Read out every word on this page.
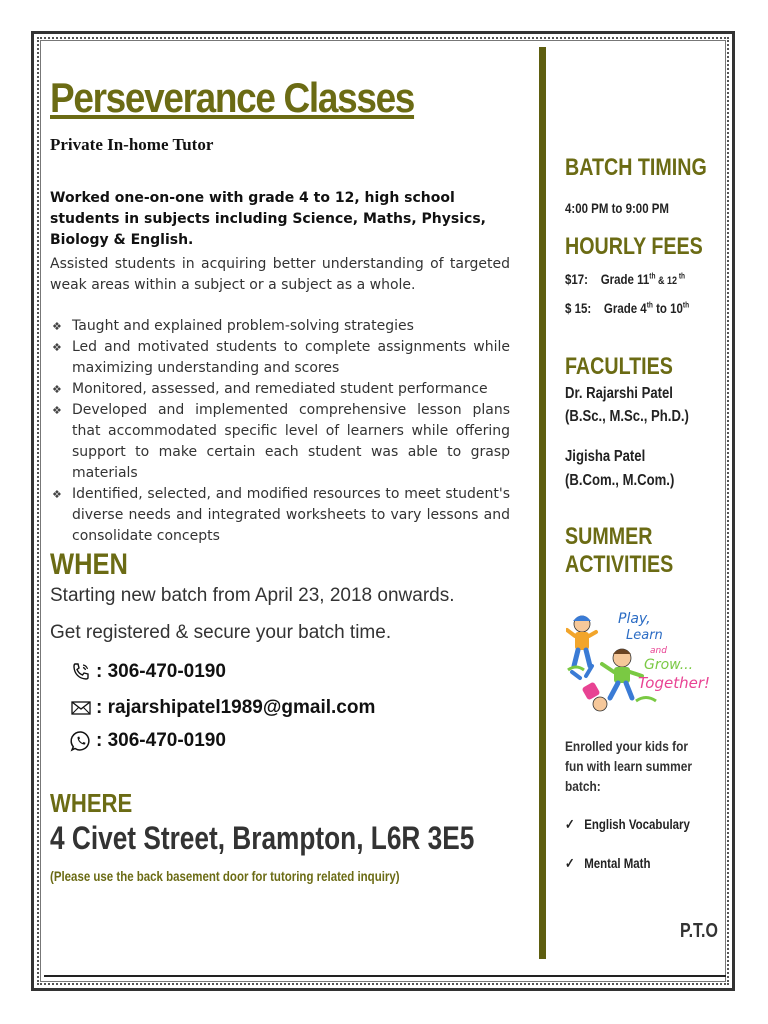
Perseverance Classes
Private In-home Tutor
Worked one-on-one with grade 4 to 12, high school students in subjects including Science, Maths, Physics, Biology & English.
Assisted students in acquiring better understanding of targeted weak areas within a subject or a subject as a whole.
❖ Taught and explained problem-solving strategies
❖ Led and motivated students to complete assignments while maximizing understanding and scores
❖ Monitored, assessed, and remediated student performance
❖ Developed and implemented comprehensive lesson plans that accommodated specific level of learners while offering support to make certain each student was able to grasp materials
❖ Identified, selected, and modified resources to meet student's diverse needs and integrated worksheets to vary lessons and consolidate concepts
WHEN
Starting new batch from April 23, 2018 onwards.
Get registered & secure your batch time.
: 306-470-0190
: rajarshipatel1989@gmail.com
: 306-470-0190
WHERE
4 Civet Street, Brampton, L6R 3E5
(Please use the back basement door for tutoring related inquiry)
BATCH TIMING
4:00 PM to 9:00 PM
HOURLY FEES
$17: Grade 11th & 12 $^{th}$
$ 15: Grade 4th to 10th
FACULTIES
Dr. Rajarshi Patel
(B.Sc., M.Sc., Ph.D.)
Jigisha Patel
(B.Com., M.Com.)
SUMMER
ACTIVITIES
Play,
Learn
and
Grow...
Together!
Enrolled your kids for fun with learn summer batch:
✓ English Vocabulary
✓ Mental Math
P.T.O
